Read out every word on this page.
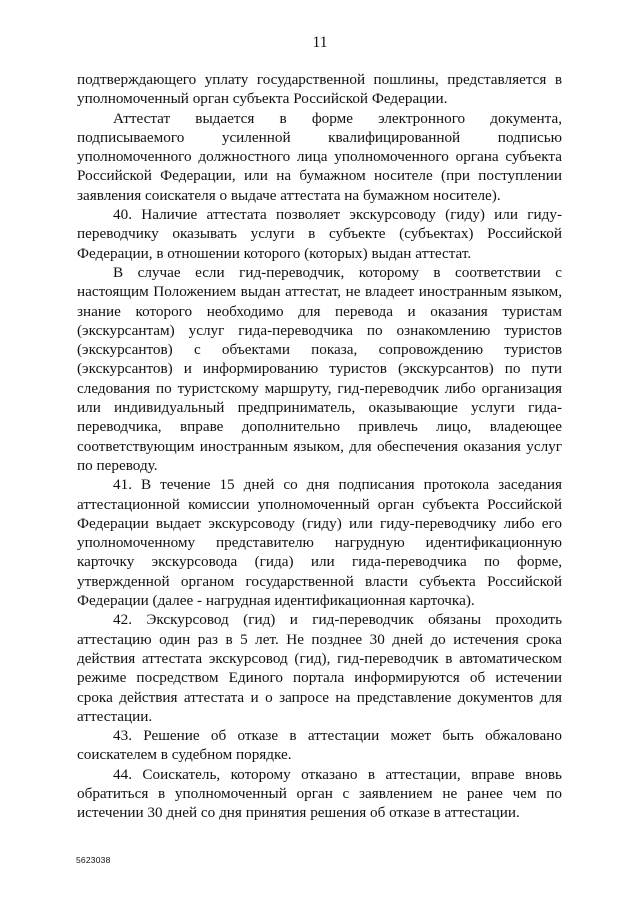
11

подтверждающего уплату государственной пошлины, представляется в уполномоченный орган субъекта Российской Федерации.

Аттестат выдается в форме электронного документа, подписываемого усиленной квалифицированной подписью уполномоченного должностного лица уполномоченного органа субъекта Российской Федерации, или на бумажном носителе (при поступлении заявления соискателя о выдаче аттестата на бумажном носителе).

40. Наличие аттестата позволяет экскурсоводу (гиду) или гиду-переводчику оказывать услуги в субъекте (субъектах) Российской Федерации, в отношении которого (которых) выдан аттестат.

В случае если гид-переводчик, которому в соответствии с настоящим Положением выдан аттестат, не владеет иностранным языком, знание которого необходимо для перевода и оказания туристам (экскурсантам) услуг гида-переводчика по ознакомлению туристов (экскурсантов) с объектами показа, сопровождению туристов (экскурсантов) и информированию туристов (экскурсантов) по пути следования по туристскому маршруту, гид-переводчик либо организация или индивидуальный предприниматель, оказывающие услуги гида-переводчика, вправе дополнительно привлечь лицо, владеющее соответствующим иностранным языком, для обеспечения оказания услуг по переводу.

41. В течение 15 дней со дня подписания протокола заседания аттестационной комиссии уполномоченный орган субъекта Российской Федерации выдает экскурсоводу (гиду) или гиду-переводчику либо его уполномоченному представителю нагрудную идентификационную карточку экскурсовода (гида) или гида-переводчика по форме, утвержденной органом государственной власти субъекта Российской Федерации (далее - нагрудная идентификационная карточка).

42. Экскурсовод (гид) и гид-переводчик обязаны проходить аттестацию один раз в 5 лет. Не позднее 30 дней до истечения срока действия аттестата экскурсовод (гид), гид-переводчик в автоматическом режиме посредством Единого портала информируются об истечении срока действия аттестата и о запросе на представление документов для аттестации.

43. Решение об отказе в аттестации может быть обжаловано соискателем в судебном порядке.

44. Соискатель, которому отказано в аттестации, вправе вновь обратиться в уполномоченный орган с заявлением не ранее чем по истечении 30 дней со дня принятия решения об отказе в аттестации.

5623038
